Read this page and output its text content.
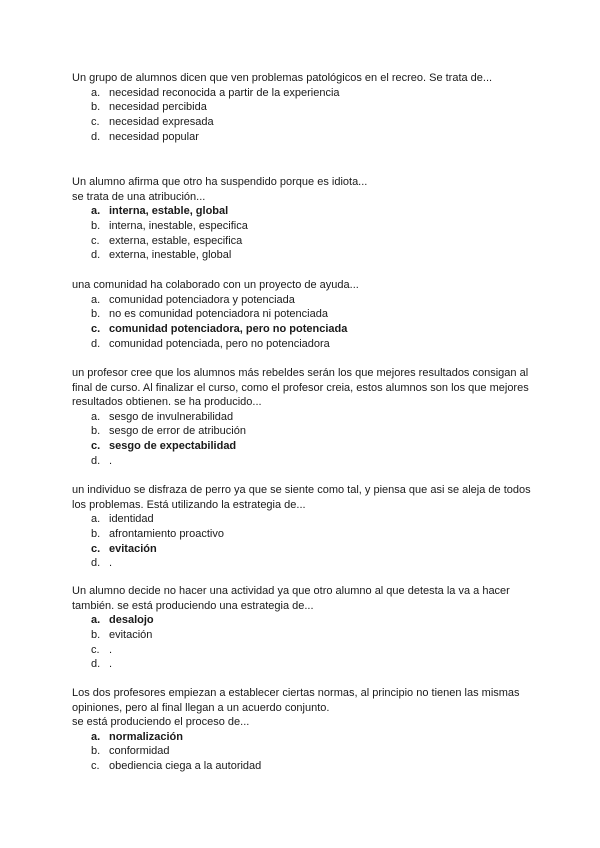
Un grupo de alumnos dicen que ven problemas patológicos en el recreo. Se trata de...

a. necesidad reconocida a partir de la experiencia
b. necesidad percibida
c. necesidad expresada
d. necesidad popular

Un alumno afirma que otro ha suspendido porque es idiota...
se trata de una atribución...

a. interna, estable, global
b. interna, inestable, especifica
c. externa, estable, especifica
d. externa, inestable, global

una comunidad ha colaborado con un proyecto de ayuda...

a. comunidad potenciadora y potenciada
b. no es comunidad potenciadora ni potenciada
c. comunidad potenciadora, pero no potenciada
d. comunidad potenciada, pero no potenciadora

un profesor cree que los alumnos más rebeldes serán los que mejores resultados consigan al final de curso. Al finalizar el curso, como el profesor creia, estos alumnos son los que mejores resultados obtienen. se ha producido...

a. sesgo de invulnerabilidad
b. sesgo de error de atribución
c. sesgo de expectabilidad
d. .

un individuo se disfraza de perro ya que se siente como tal, y piensa que asi se aleja de todos los problemas. Está utilizando la estrategia de...

a. identidad
b. afrontamiento proactivo
c. evitación
d. .

Un alumno decide no hacer una actividad ya que otro alumno al que detesta la va a hacer también. se está produciendo una estrategia de...

a. desalojo
b. evitación
c. .
d. .

Los dos profesores empiezan a establecer ciertas normas, al principio no tienen las mismas opiniones, pero al final llegan a un acuerdo conjunto.
se está produciendo el proceso de...

a. normalización
b. conformidad
c. obediencia ciega a la autoridad
